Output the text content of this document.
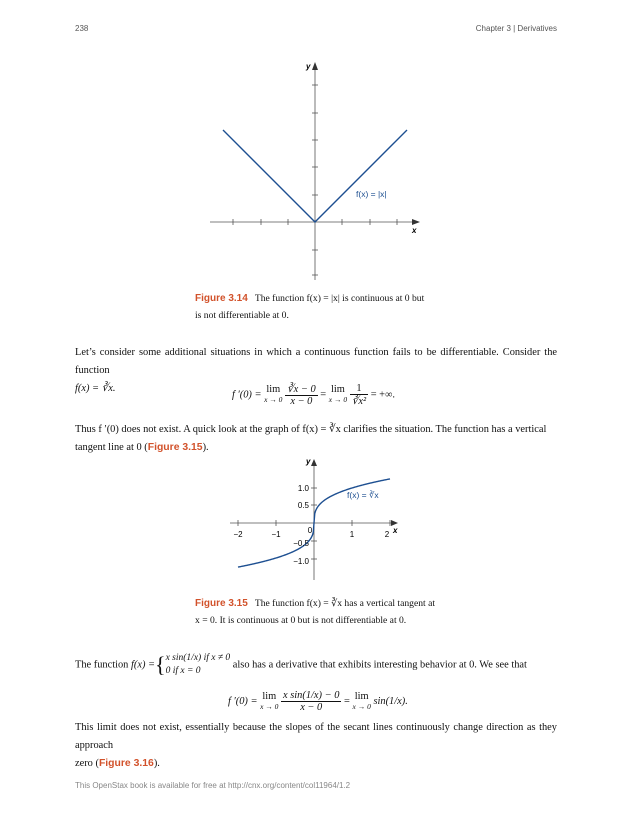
238	Chapter 3 | Derivatives
y
x
f(x) = |x|
Figure 3.14 The function f(x) = |x| is continuous at 0 but
is not differentiable at 0.
Let’s consider some additional situations in which a continuous function fails to be differentiable. Consider the function
f(x) = ∛x.
f ′(0) = lim
x → 0
$\frac{∛x - 0}{x - 0} = \lim$
x → 0
$\frac{1}{\text{∛x²}}$ = +∞.
Thus f ′(0) does not exist. A quick look at the graph of f(x) = ∛x clarifies the situation. The function has a vertical
tangent line at 0 (Figure 3.15).
y
x
f(x) = ∛x
−2	−1	0	1	2
1.0
0.5
−0.5
−1.0
Figure 3.15 The function f(x) = ∛x has a vertical tangent at
x = 0. It is continuous at 0 but is not differentiable at 0.
The function f(x) ={x sin(1/x) if x ≠ 0
0 if x = 0 also has a derivative that exhibits interesting behavior at 0. We see that
f ′(0) = lim
x → 0
$\frac{\text{x sin(1/x) − 0}}{x - 0} = \lim$
x → 0 sin(1/x).
This limit does not exist, essentially because the slopes of the secant lines continuously change direction as they approach
zero (Figure 3.16).
This OpenStax book is available for free at http://cnx.org/content/col11964/1.2
